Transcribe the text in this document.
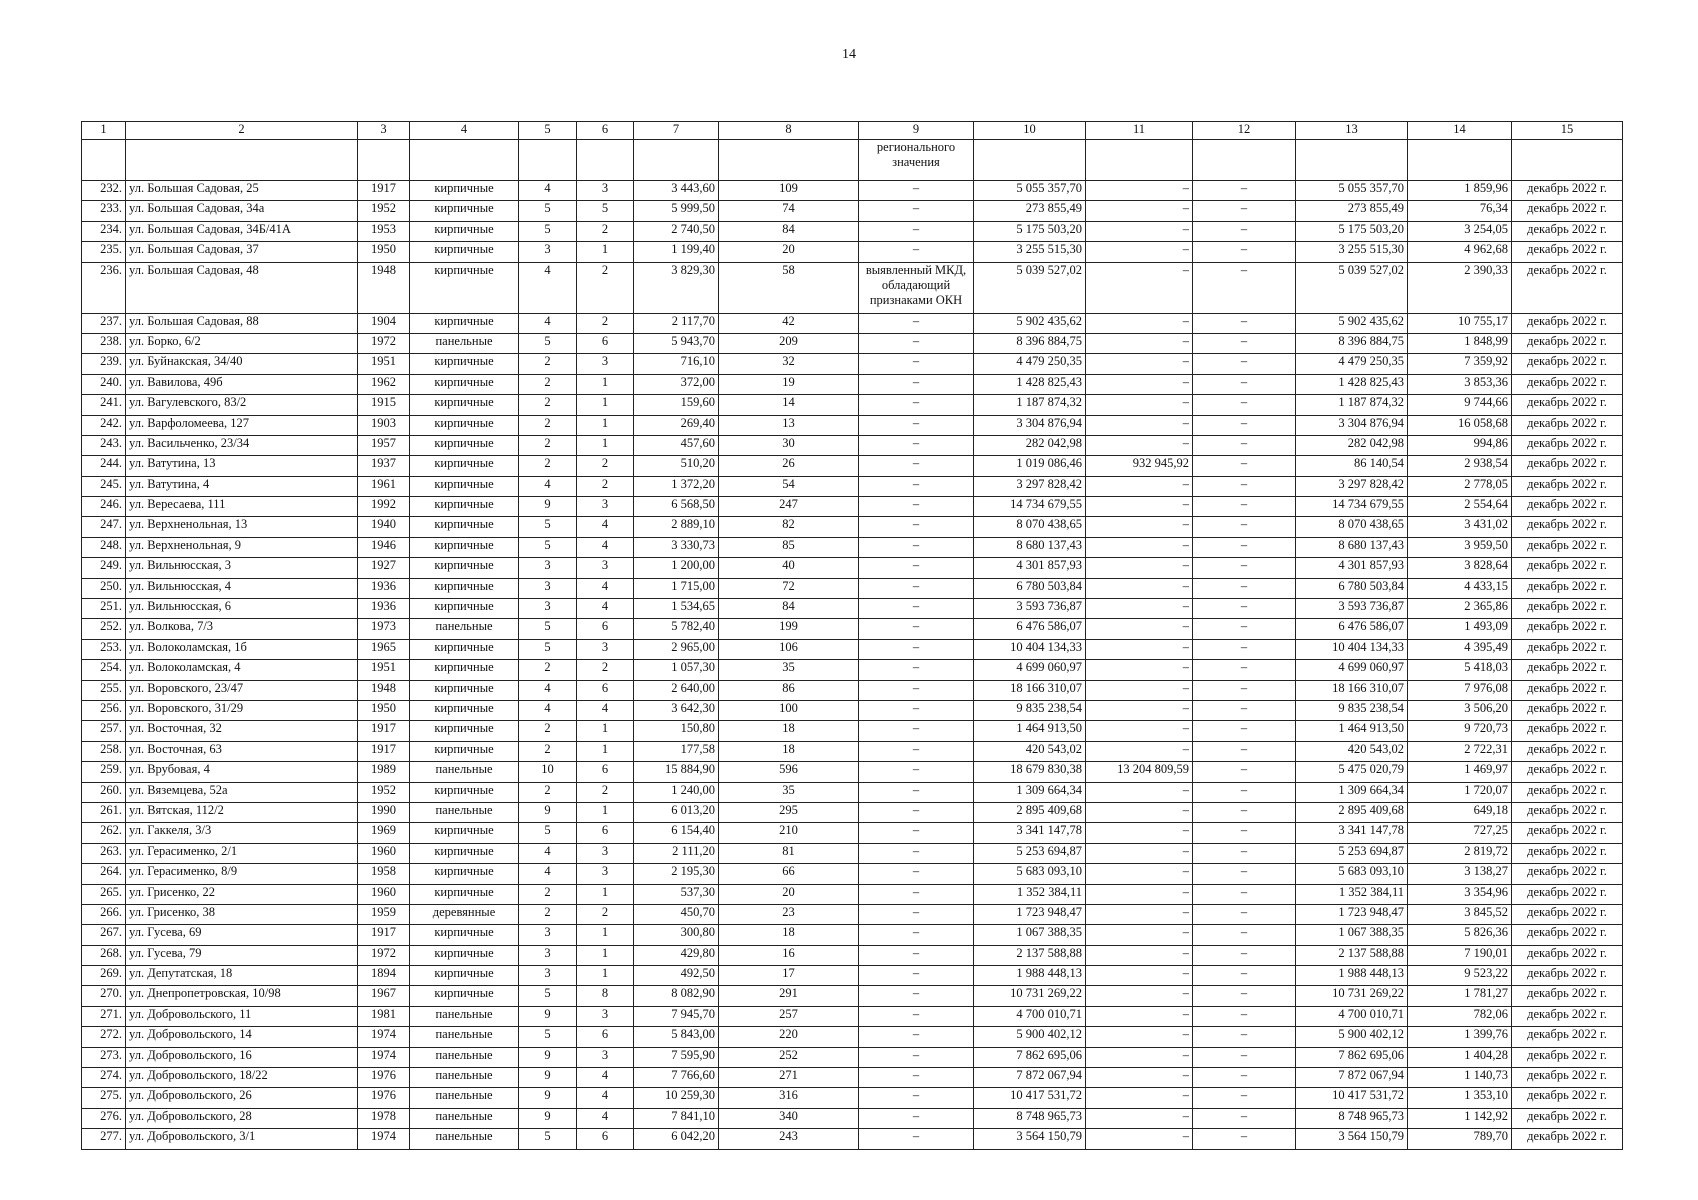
14
1	2	3	4	5	6	7	8	9	10	11	12	13	14	15
								регионального значения						
232.	ул. Большая Садовая, 25	1917	кирпичные	4	3	3 443,60	109	–	5 055 357,70	–	–	5 055 357,70	1 859,96	декабрь 2022 г.
233.	ул. Большая Садовая, 34а	1952	кирпичные	5	5	5 999,50	74	–	273 855,49	–	–	273 855,49	76,34	декабрь 2022 г.
234.	ул. Большая Садовая, 34Б/41А	1953	кирпичные	5	2	2 740,50	84	–	5 175 503,20	–	–	5 175 503,20	3 254,05	декабрь 2022 г.
235.	ул. Большая Садовая, 37	1950	кирпичные	3	1	1 199,40	20	–	3 255 515,30	–	–	3 255 515,30	4 962,68	декабрь 2022 г.
236.	ул. Большая Садовая, 48	1948	кирпичные	4	2	3 829,30	58	выявленный МКД, обладающий признаками ОКН	5 039 527,02	–	–	5 039 527,02	2 390,33	декабрь 2022 г.
237.	ул. Большая Садовая, 88	1904	кирпичные	4	2	2 117,70	42	–	5 902 435,62	–	–	5 902 435,62	10 755,17	декабрь 2022 г.
238.	ул. Борко, 6/2	1972	панельные	5	6	5 943,70	209	–	8 396 884,75	–	–	8 396 884,75	1 848,99	декабрь 2022 г.
239.	ул. Буйнакская, 34/40	1951	кирпичные	2	3	716,10	32	–	4 479 250,35	–	–	4 479 250,35	7 359,92	декабрь 2022 г.
240.	ул. Вавилова, 49б	1962	кирпичные	2	1	372,00	19	–	1 428 825,43	–	–	1 428 825,43	3 853,36	декабрь 2022 г.
241.	ул. Вагулевского, 83/2	1915	кирпичные	2	1	159,60	14	–	1 187 874,32	–	–	1 187 874,32	9 744,66	декабрь 2022 г.
242.	ул. Варфоломеева, 127	1903	кирпичные	2	1	269,40	13	–	3 304 876,94	–	–	3 304 876,94	16 058,68	декабрь 2022 г.
243.	ул. Васильченко, 23/34	1957	кирпичные	2	1	457,60	30	–	282 042,98	–	–	282 042,98	994,86	декабрь 2022 г.
244.	ул. Ватутина, 13	1937	кирпичные	2	2	510,20	26	–	1 019 086,46	932 945,92	–	86 140,54	2 938,54	декабрь 2022 г.
245.	ул. Ватутина, 4	1961	кирпичные	4	2	1 372,20	54	–	3 297 828,42	–	–	3 297 828,42	2 778,05	декабрь 2022 г.
246.	ул. Вересаева, 111	1992	кирпичные	9	3	6 568,50	247	–	14 734 679,55	–	–	14 734 679,55	2 554,64	декабрь 2022 г.
247.	ул. Верхненольная, 13	1940	кирпичные	5	4	2 889,10	82	–	8 070 438,65	–	–	8 070 438,65	3 431,02	декабрь 2022 г.
248.	ул. Верхненольная, 9	1946	кирпичные	5	4	3 330,73	85	–	8 680 137,43	–	–	8 680 137,43	3 959,50	декабрь 2022 г.
249.	ул. Вильнюсская, 3	1927	кирпичные	3	3	1 200,00	40	–	4 301 857,93	–	–	4 301 857,93	3 828,64	декабрь 2022 г.
250.	ул. Вильнюсская, 4	1936	кирпичные	3	4	1 715,00	72	–	6 780 503,84	–	–	6 780 503,84	4 433,15	декабрь 2022 г.
251.	ул. Вильнюсская, 6	1936	кирпичные	3	4	1 534,65	84	–	3 593 736,87	–	–	3 593 736,87	2 365,86	декабрь 2022 г.
252.	ул. Волкова, 7/3	1973	панельные	5	6	5 782,40	199	–	6 476 586,07	–	–	6 476 586,07	1 493,09	декабрь 2022 г.
253.	ул. Волоколамская, 1б	1965	кирпичные	5	3	2 965,00	106	–	10 404 134,33	–	–	10 404 134,33	4 395,49	декабрь 2022 г.
254.	ул. Волоколамская, 4	1951	кирпичные	2	2	1 057,30	35	–	4 699 060,97	–	–	4 699 060,97	5 418,03	декабрь 2022 г.
255.	ул. Воровского, 23/47	1948	кирпичные	4	6	2 640,00	86	–	18 166 310,07	–	–	18 166 310,07	7 976,08	декабрь 2022 г.
256.	ул. Воровского, 31/29	1950	кирпичные	4	4	3 642,30	100	–	9 835 238,54	–	–	9 835 238,54	3 506,20	декабрь 2022 г.
257.	ул. Восточная, 32	1917	кирпичные	2	1	150,80	18	–	1 464 913,50	–	–	1 464 913,50	9 720,73	декабрь 2022 г.
258.	ул. Восточная, 63	1917	кирпичные	2	1	177,58	18	–	420 543,02	–	–	420 543,02	2 722,31	декабрь 2022 г.
259.	ул. Врубовая, 4	1989	панельные	10	6	15 884,90	596	–	18 679 830,38	13 204 809,59	–	5 475 020,79	1 469,97	декабрь 2022 г.
260.	ул. Вяземцева, 52а	1952	кирпичные	2	2	1 240,00	35	–	1 309 664,34	–	–	1 309 664,34	1 720,07	декабрь 2022 г.
261.	ул. Вятская, 112/2	1990	панельные	9	1	6 013,20	295	–	2 895 409,68	–	–	2 895 409,68	649,18	декабрь 2022 г.
262.	ул. Гаккеля, 3/3	1969	кирпичные	5	6	6 154,40	210	–	3 341 147,78	–	–	3 341 147,78	727,25	декабрь 2022 г.
263.	ул. Герасименко, 2/1	1960	кирпичные	4	3	2 111,20	81	–	5 253 694,87	–	–	5 253 694,87	2 819,72	декабрь 2022 г.
264.	ул. Герасименко, 8/9	1958	кирпичные	4	3	2 195,30	66	–	5 683 093,10	–	–	5 683 093,10	3 138,27	декабрь 2022 г.
265.	ул. Грисенко, 22	1960	кирпичные	2	1	537,30	20	–	1 352 384,11	–	–	1 352 384,11	3 354,96	декабрь 2022 г.
266.	ул. Грисенко, 38	1959	деревянные	2	2	450,70	23	–	1 723 948,47	–	–	1 723 948,47	3 845,52	декабрь 2022 г.
267.	ул. Гусева, 69	1917	кирпичные	3	1	300,80	18	–	1 067 388,35	–	–	1 067 388,35	5 826,36	декабрь 2022 г.
268.	ул. Гусева, 79	1972	кирпичные	3	1	429,80	16	–	2 137 588,88	–	–	2 137 588,88	7 190,01	декабрь 2022 г.
269.	ул. Депутатская, 18	1894	кирпичные	3	1	492,50	17	–	1 988 448,13	–	–	1 988 448,13	9 523,22	декабрь 2022 г.
270.	ул. Днепропетровская, 10/98	1967	кирпичные	5	8	8 082,90	291	–	10 731 269,22	–	–	10 731 269,22	1 781,27	декабрь 2022 г.
271.	ул. Добровольского, 11	1981	панельные	9	3	7 945,70	257	–	4 700 010,71	–	–	4 700 010,71	782,06	декабрь 2022 г.
272.	ул. Добровольского, 14	1974	панельные	5	6	5 843,00	220	–	5 900 402,12	–	–	5 900 402,12	1 399,76	декабрь 2022 г.
273.	ул. Добровольского, 16	1974	панельные	9	3	7 595,90	252	–	7 862 695,06	–	–	7 862 695,06	1 404,28	декабрь 2022 г.
274.	ул. Добровольского, 18/22	1976	панельные	9	4	7 766,60	271	–	7 872 067,94	–	–	7 872 067,94	1 140,73	декабрь 2022 г.
275.	ул. Добровольского, 26	1976	панельные	9	4	10 259,30	316	–	10 417 531,72	–	–	10 417 531,72	1 353,10	декабрь 2022 г.
276.	ул. Добровольского, 28	1978	панельные	9	4	7 841,10	340	–	8 748 965,73	–	–	8 748 965,73	1 142,92	декабрь 2022 г.
277.	ул. Добровольского, 3/1	1974	панельные	5	6	6 042,20	243	–	3 564 150,79	–	–	3 564 150,79	789,70	декабрь 2022 г.
